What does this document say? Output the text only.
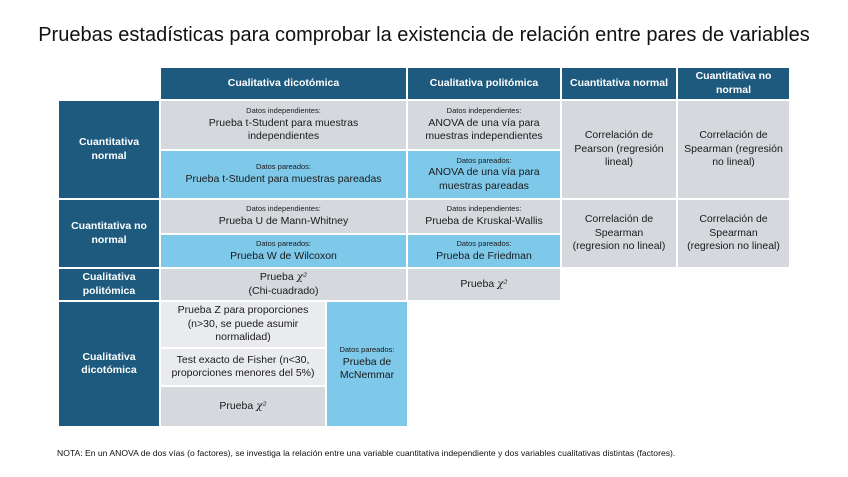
Pruebas estadísticas para comprobar la existencia de relación entre pares de variables
Cualitativa dicotómica	Cualitativa politómica	Cuantitativa normal
Cuantitativa no normal
Cuantitativa normal
Cuantitativa no normal
Cualitativa politómica
Cualitativa dicotómica
Datos independientes:
Prueba t-Student para muestras independientes
Datos pareados:
Prueba t-Student para muestras pareadas
Datos independientes:
ANOVA de una vía para muestras independientes
Datos pareados:
ANOVA de una vía para muestras pareadas
Correlación de Pearson (regresión lineal)
Correlación de Spearman (regresión no lineal)
Datos independientes:
Prueba U de Mann-Whitney
Datos pareados:
Prueba W de Wilcoxon
Datos independientes:
Prueba de Kruskal-Wallis
Datos pareados:
Prueba de Friedman
Correlación de Spearman (regresion no lineal)
Correlación de Spearman (regresion no lineal)
Prueba χ²
(Chi-cuadrado)
Prueba χ²
Prueba Z para proporciones (n>30, se puede asumir normalidad)
Test exacto de Fisher (n<30, proporciones menores del 5%)
Prueba χ²
Datos pareados:
Prueba de McNemmar
NOTA: En un ANOVA de dos vías (o factores), se investiga la relación entre una variable cuantitativa independiente y dos variables cualitativas distintas (factores).
